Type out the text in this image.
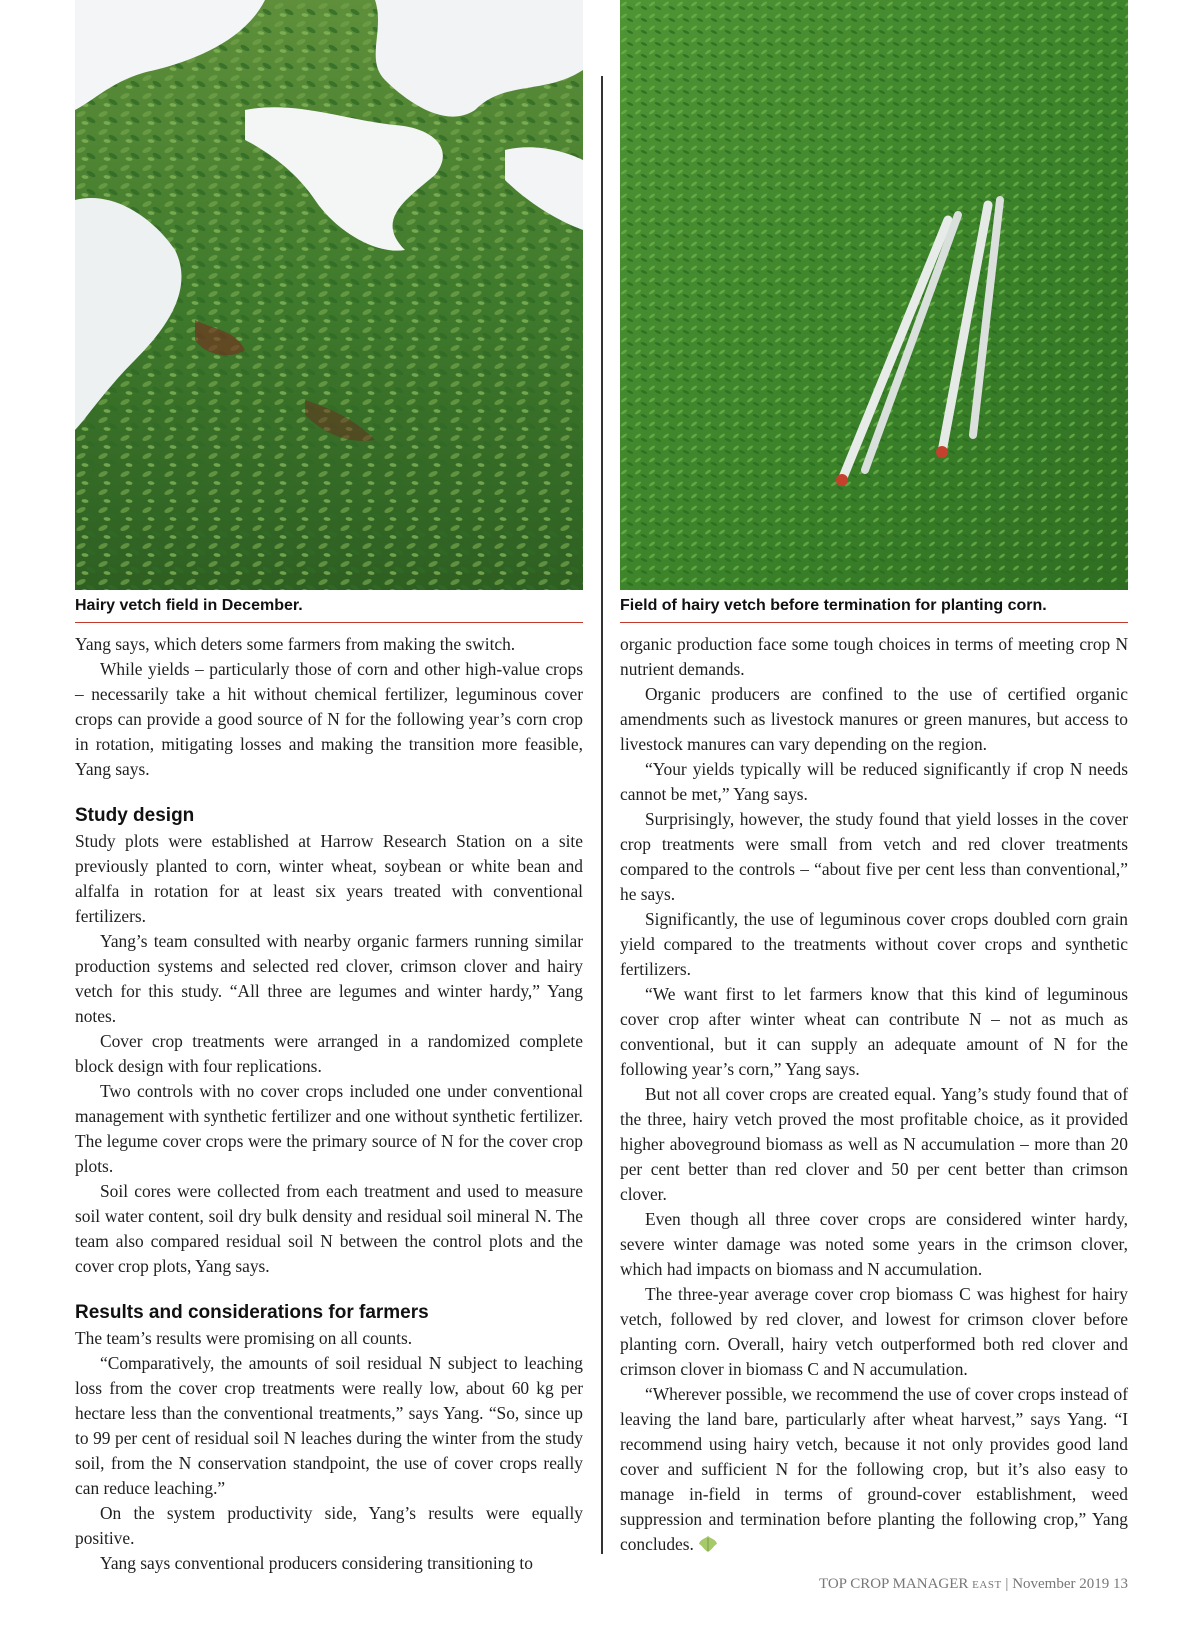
Hairy vetch field in December.	Field of hairy vetch before termination for planting corn.

Yang says, which deters some farmers from making the switch.

While yields – particularly those of corn and other high-value crops – necessarily take a hit without chemical fertilizer, leguminous cover crops can provide a good source of N for the following year’s corn crop in rotation, mitigating losses and making the transition more feasible, Yang says.

Study design

Study plots were established at Harrow Research Station on a site previously planted to corn, winter wheat, soybean or white bean and alfalfa in rotation for at least six years treated with conventional fertilizers.

Yang’s team consulted with nearby organic farmers running similar production systems and selected red clover, crimson clover and hairy vetch for this study. “All three are legumes and winter hardy,” Yang notes.

Cover crop treatments were arranged in a randomized complete block design with four replications.

Two controls with no cover crops included one under conventional management with synthetic fertilizer and one without synthetic fertilizer. The legume cover crops were the primary source of N for the cover crop plots.

Soil cores were collected from each treatment and used to measure soil water content, soil dry bulk density and residual soil mineral N. The team also compared residual soil N between the control plots and the cover crop plots, Yang says.

Results and considerations for farmers

The team’s results were promising on all counts.

“Comparatively, the amounts of soil residual N subject to leaching loss from the cover crop treatments were really low, about 60 kg per hectare less than the conventional treatments,” says Yang. “So, since up to 99 per cent of residual soil N leaches during the winter from the study soil, from the N conservation standpoint, the use of cover crops really can reduce leaching.”

On the system productivity side, Yang’s results were equally positive.

Yang says conventional producers considering transitioning to

organic production face some tough choices in terms of meeting crop N nutrient demands.

Organic producers are confined to the use of certified organic amendments such as livestock manures or green manures, but access to livestock manures can vary depending on the region.

“Your yields typically will be reduced significantly if crop N needs cannot be met,” Yang says.

Surprisingly, however, the study found that yield losses in the cover crop treatments were small from vetch and red clover treatments compared to the controls – “about five per cent less than conventional,” he says.

Significantly, the use of leguminous cover crops doubled corn grain yield compared to the treatments without cover crops and synthetic fertilizers.

“We want first to let farmers know that this kind of leguminous cover crop after winter wheat can contribute N – not as much as conventional, but it can supply an adequate amount of N for the following year’s corn,” Yang says.

But not all cover crops are created equal. Yang’s study found that of the three, hairy vetch proved the most profitable choice, as it provided higher aboveground biomass as well as N accumulation – more than 20 per cent better than red clover and 50 per cent better than crimson clover.

Even though all three cover crops are considered winter hardy, severe winter damage was noted some years in the crimson clover, which had impacts on biomass and N accumulation.

The three-year average cover crop biomass C was highest for hairy vetch, followed by red clover, and lowest for crimson clover before planting corn. Overall, hairy vetch outperformed both red clover and crimson clover in biomass C and N accumulation.

“Wherever possible, we recommend the use of cover crops instead of leaving the land bare, particularly after wheat harvest,” says Yang. “I recommend using hairy vetch, because it not only provides good land cover and sufficient N for the following crop, but it’s also easy to manage in-field in terms of ground-cover establishment, weed suppression and termination before planting the following crop,” Yang concludes.

TOP CROP MANAGER EAST | November 2019 13
